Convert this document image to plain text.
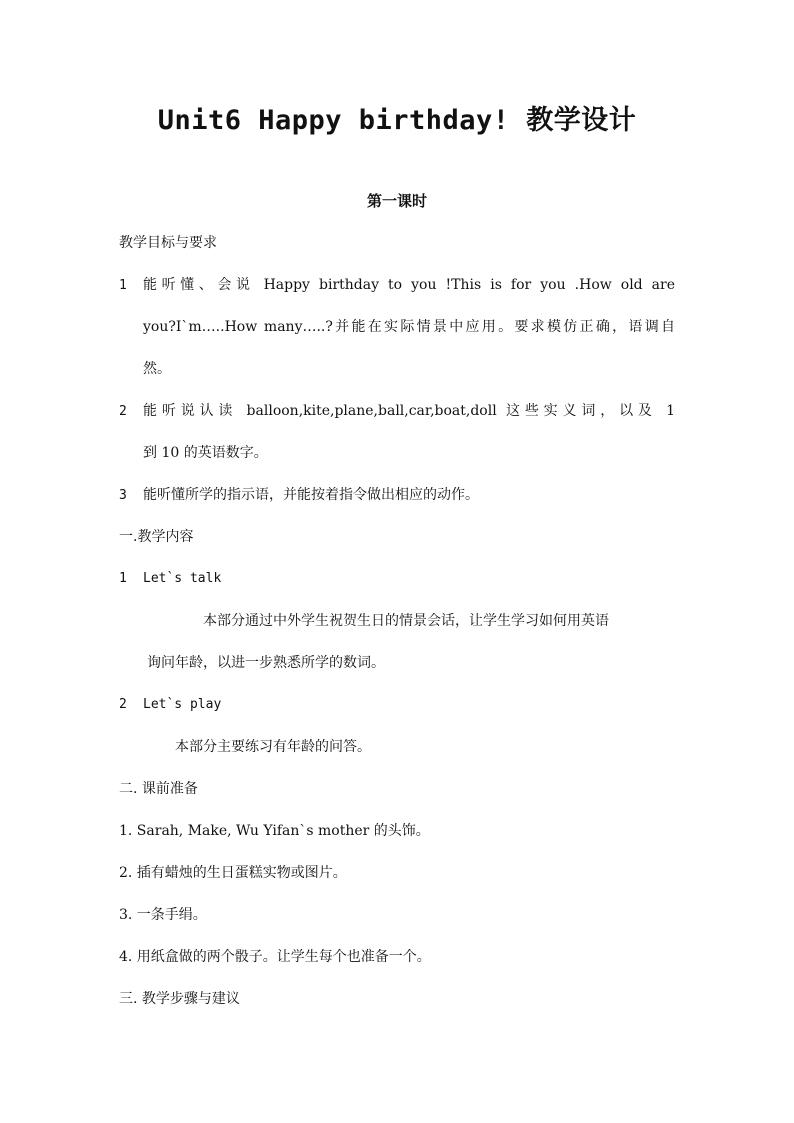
Unit6 Happy birthday! 教学设计
第一课时
教学目标与要求
1	能听懂、会说 Happy birthday to you !This is for you .How old are
you?I`m…..How many…..?并能在实际情景中应用。要求模仿正确，语调自
然。
2	能听说认读 balloon,kite,plane,ball,car,boat,doll 这些实义词，以及 1
到 10 的英语数字。
3	能听懂所学的指示语，并能按着指令做出相应的动作。
一.教学内容
1 Let`s talk
本部分通过中外学生祝贺生日的情景会话，让学生学习如何用英语
询问年龄，以进一步熟悉所学的数词。
2 Let`s play
本部分主要练习有年龄的问答。
二. 课前准备
1. Sarah, Make, Wu Yifan`s mother 的头饰。
2. 插有蜡烛的生日蛋糕实物或图片。
3. 一条手绢。
4. 用纸盒做的两个骰子。让学生每个也准备一个。
三. 教学步骤与建议
